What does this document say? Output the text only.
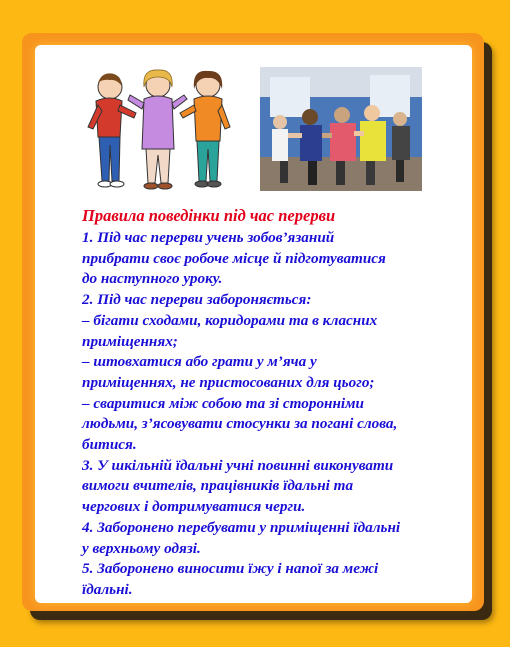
Правила поведінки під час перерви
1. Під час перерви учень зобов’язаний
прибрати своє робоче місце й підготуватися
до наступного уроку.
2. Під час перерви забороняється:
– бігати сходами, коридорами та в класних
приміщеннях;
– штовхатися або грати у м’яча у
приміщеннях, не пристосованих для цього;
– сваритися між собою та зі сторонніми
людьми, з’ясовувати стосунки за погані слова,
битися.
3. У шкільній їдальні учні повинні виконувати
вимоги вчителів, працівників їдальні та
чергових і дотримуватися черги.
4. Заборонено перебувати у приміщенні їдальні
у верхньому одязі.
5. Заборонено виносити їжу і напої за межі
їдальні.
